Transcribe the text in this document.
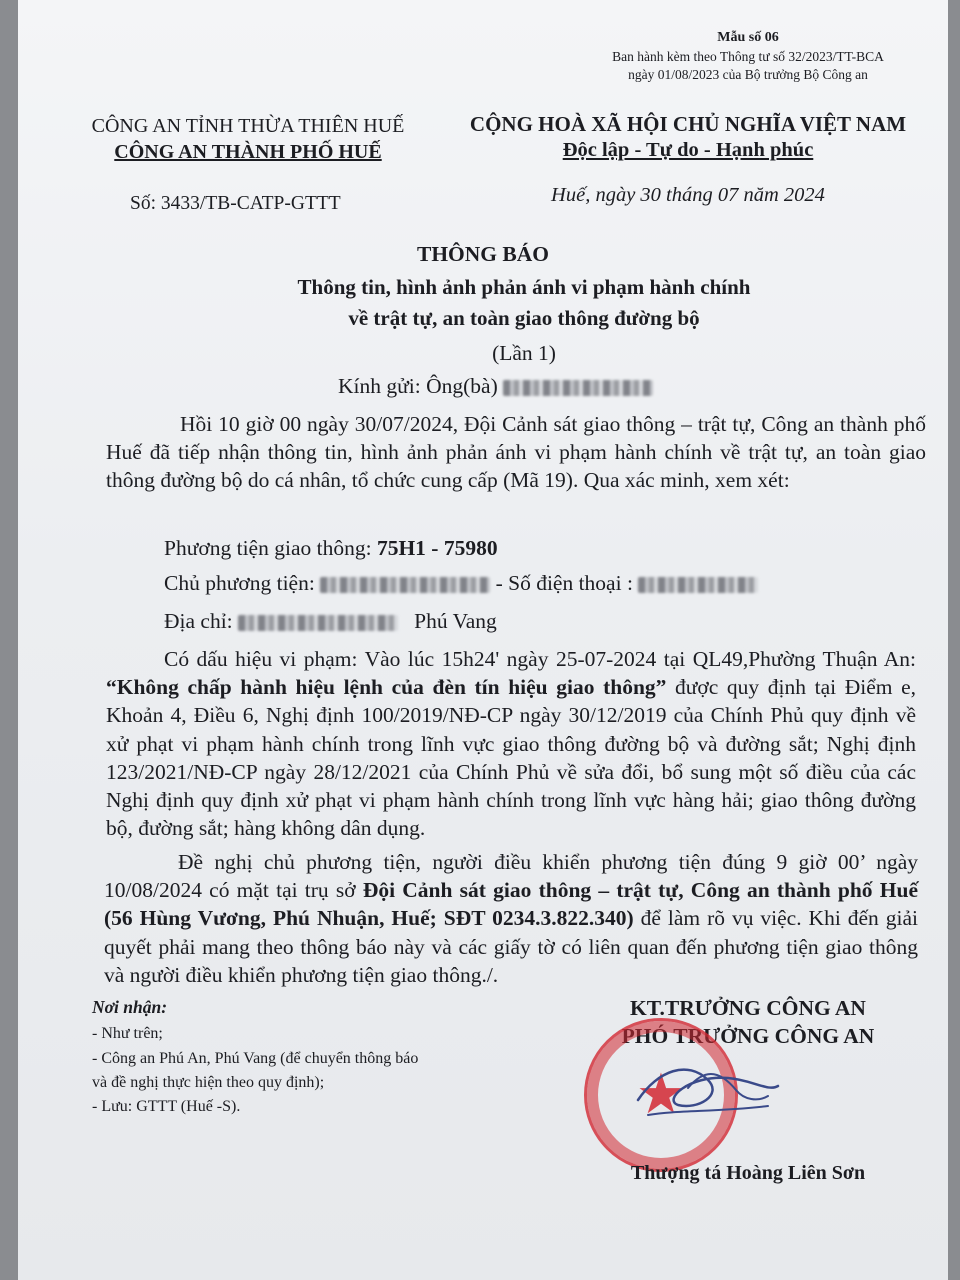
Mẫu số 06
Ban hành kèm theo Thông tư số 32/2023/TT-BCA
ngày 01/08/2023 của Bộ trưởng Bộ Công an
CÔNG AN TỈNH THỪA THIÊN HUẾ
CÔNG AN THÀNH PHỐ HUẾ
Số: 3433/TB-CATP-GTTT
CỘNG HOÀ XÃ HỘI CHỦ NGHĨA VIỆT NAM
Độc lập - Tự do - Hạnh phúc
Huế, ngày 30 tháng 07 năm 2024
THÔNG BÁO
Thông tin, hình ảnh phản ánh vi phạm hành chính
về trật tự, an toàn giao thông đường bộ
(Lần 1)
Kính gửi: Ông(bà)
Hồi 10 giờ 00 ngày 30/07/2024, Đội Cảnh sát giao thông – trật tự, Công an thành phố Huế đã tiếp nhận thông tin, hình ảnh phản ánh vi phạm hành chính về trật tự, an toàn giao thông đường bộ do cá nhân, tổ chức cung cấp (Mã 19). Qua xác minh, xem xét:
Phương tiện giao thông: 75H1 - 75980
Chủ phương tiện:	- Số điện thoại :
Địa chỉ:	Phú Vang
Có dấu hiệu vi phạm: Vào lúc 15h24' ngày 25-07-2024 tại QL49,Phường Thuận An: “Không chấp hành hiệu lệnh của đèn tín hiệu giao thông” được quy định tại Điểm e, Khoản 4, Điều 6, Nghị định 100/2019/NĐ-CP ngày 30/12/2019 của Chính Phủ quy định về xử phạt vi phạm hành chính trong lĩnh vực giao thông đường bộ và đường sắt; Nghị định 123/2021/NĐ-CP ngày 28/12/2021 của Chính Phủ về sửa đổi, bổ sung một số điều của các Nghị định quy định xử phạt vi phạm hành chính trong lĩnh vực hàng hải; giao thông đường bộ, đường sắt; hàng không dân dụng.
Đề nghị chủ phương tiện, người điều khiển phương tiện đúng 9 giờ 00’ ngày 10/08/2024 có mặt tại trụ sở Đội Cảnh sát giao thông – trật tự, Công an thành phố Huế (56 Hùng Vương, Phú Nhuận, Huế; SĐT 0234.3.822.340) để làm rõ vụ việc. Khi đến giải quyết phải mang theo thông báo này và các giấy tờ có liên quan đến phương tiện giao thông và người điều khiển phương tiện giao thông./.
Nơi nhận:
- Như trên;
- Công an Phú An, Phú Vang (để chuyển thông báo
và đề nghị thực hiện theo quy định);
- Lưu: GTTT (Huế -S).
KT.TRƯỞNG CÔNG AN
PHÓ TRƯỞNG CÔNG AN
★
Thượng tá Hoàng Liên Sơn
